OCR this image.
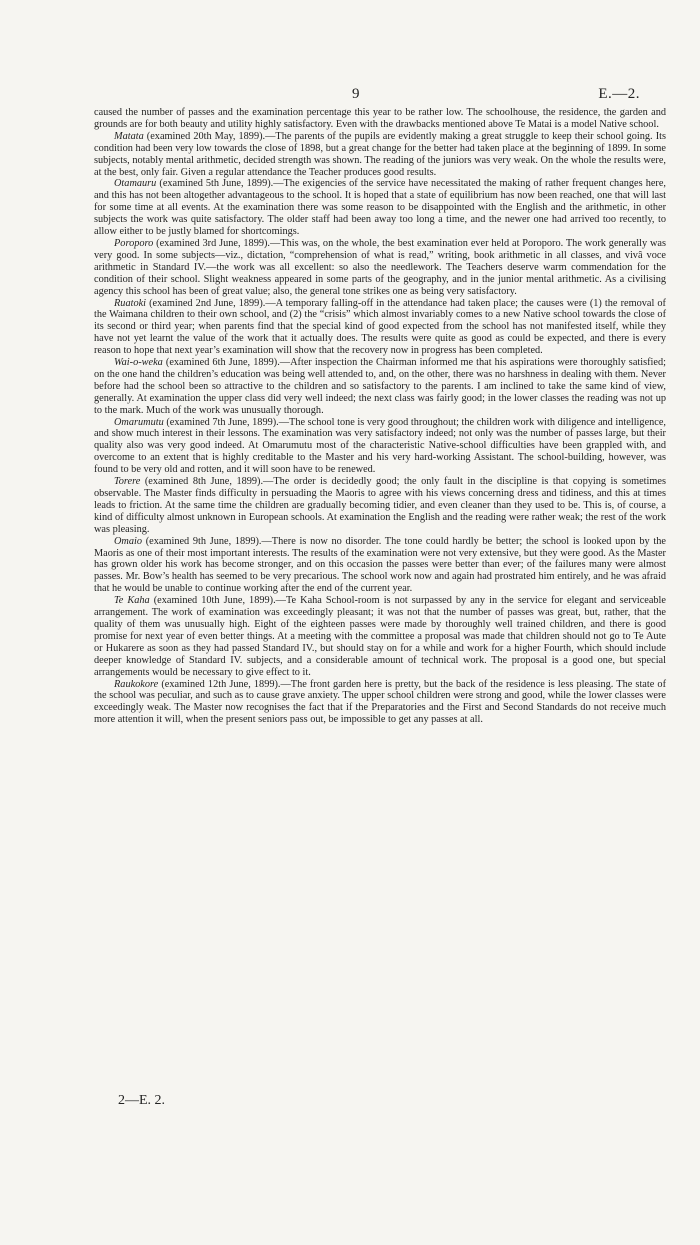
9	E.—2.

caused the number of passes and the examination percentage this year to be rather low. The schoolhouse, the residence, the garden and grounds are for both beauty and utility highly satisfactory. Even with the drawbacks mentioned above Te Matai is a model Native school.

Matata (examined 20th May, 1899).—The parents of the pupils are evidently making a great struggle to keep their school going. Its condition had been very low towards the close of 1898, but a great change for the better had taken place at the beginning of 1899. In some subjects, notably mental arithmetic, decided strength was shown. The reading of the juniors was very weak. On the whole the results were, at the best, only fair. Given a regular attendance the Teacher produces good results.

Otamauru (examined 5th June, 1899).—The exigencies of the service have necessitated the making of rather frequent changes here, and this has not been altogether advantageous to the school. It is hoped that a state of equilibrium has now been reached, one that will last for some time at all events. At the examination there was some reason to be disappointed with the English and the arithmetic, in other subjects the work was quite satisfactory. The older staff had been away too long a time, and the newer one had arrived too recently, to allow either to be justly blamed for shortcomings.

Poroporo (examined 3rd June, 1899).—This was, on the whole, the best examination ever held at Poroporo. The work generally was very good. In some subjects—viz., dictation, “comprehension of what is read,” writing, book arithmetic in all classes, and vivâ voce arithmetic in Standard IV.—the work was all excellent: so also the needlework. The Teachers deserve warm commendation for the condition of their school. Slight weakness appeared in some parts of the geography, and in the junior mental arithmetic. As a civilising agency this school has been of great value; also, the general tone strikes one as being very satisfactory.

Ruatoki (examined 2nd June, 1899).—A temporary falling-off in the attendance had taken place; the causes were (1) the removal of the Waimana children to their own school, and (2) the “crisis” which almost invariably comes to a new Native school towards the close of its second or third year; when parents find that the special kind of good expected from the school has not manifested itself, while they have not yet learnt the value of the work that it actually does. The results were quite as good as could be expected, and there is every reason to hope that next year’s examination will show that the recovery now in progress has been completed.

Wai-o-weka (examined 6th June, 1899).—After inspection the Chairman informed me that his aspirations were thoroughly satisfied; on the one hand the children’s education was being well attended to, and, on the other, there was no harshness in dealing with them. Never before had the school been so attractive to the children and so satisfactory to the parents. I am inclined to take the same kind of view, generally. At examination the upper class did very well indeed; the next class was fairly good; in the lower classes the reading was not up to the mark. Much of the work was unusually thorough.

Omarumutu (examined 7th June, 1899).—The school tone is very good throughout; the children work with diligence and intelligence, and show much interest in their lessons. The examination was very satisfactory indeed; not only was the number of passes large, but their quality also was very good indeed. At Omarumutu most of the characteristic Native-school difficulties have been grappled with, and overcome to an extent that is highly creditable to the Master and his very hard-working Assistant. The school-building, however, was found to be very old and rotten, and it will soon have to be renewed.

Torere (examined 8th June, 1899).—The order is decidedly good; the only fault in the discipline is that copying is sometimes observable. The Master finds difficulty in persuading the Maoris to agree with his views concerning dress and tidiness, and this at times leads to friction. At the same time the children are gradually becoming tidier, and even cleaner than they used to be. This is, of course, a kind of difficulty almost unknown in European schools. At examination the English and the reading were rather weak; the rest of the work was pleasing.

Omaio (examined 9th June, 1899).—There is now no disorder. The tone could hardly be better; the school is looked upon by the Maoris as one of their most important interests. The results of the examination were not very extensive, but they were good. As the Master has grown older his work has become stronger, and on this occasion the passes were better than ever; of the failures many were almost passes. Mr. Bow’s health has seemed to be very precarious. The school work now and again had prostrated him entirely, and he was afraid that he would be unable to continue working after the end of the current year.

Te Kaha (examined 10th June, 1899).—Te Kaha School-room is not surpassed by any in the service for elegant and serviceable arrangement. The work of examination was exceedingly pleasant; it was not that the number of passes was great, but, rather, that the quality of them was unusually high. Eight of the eighteen passes were made by thoroughly well trained children, and there is good promise for next year of even better things. At a meeting with the committee a proposal was made that children should not go to Te Aute or Hukarere as soon as they had passed Standard IV., but should stay on for a while and work for a higher Fourth, which should include deeper knowledge of Standard IV. subjects, and a considerable amount of technical work. The proposal is a good one, but special arrangements would be necessary to give effect to it.

Raukokore (examined 12th June, 1899).—The front garden here is pretty, but the back of the residence is less pleasing. The state of the school was peculiar, and such as to cause grave anxiety. The upper school children were strong and good, while the lower classes were exceedingly weak. The Master now recognises the fact that if the Preparatories and the First and Second Standards do not receive much more attention it will, when the present seniors pass out, be impossible to get any passes at all.

2—E. 2.
